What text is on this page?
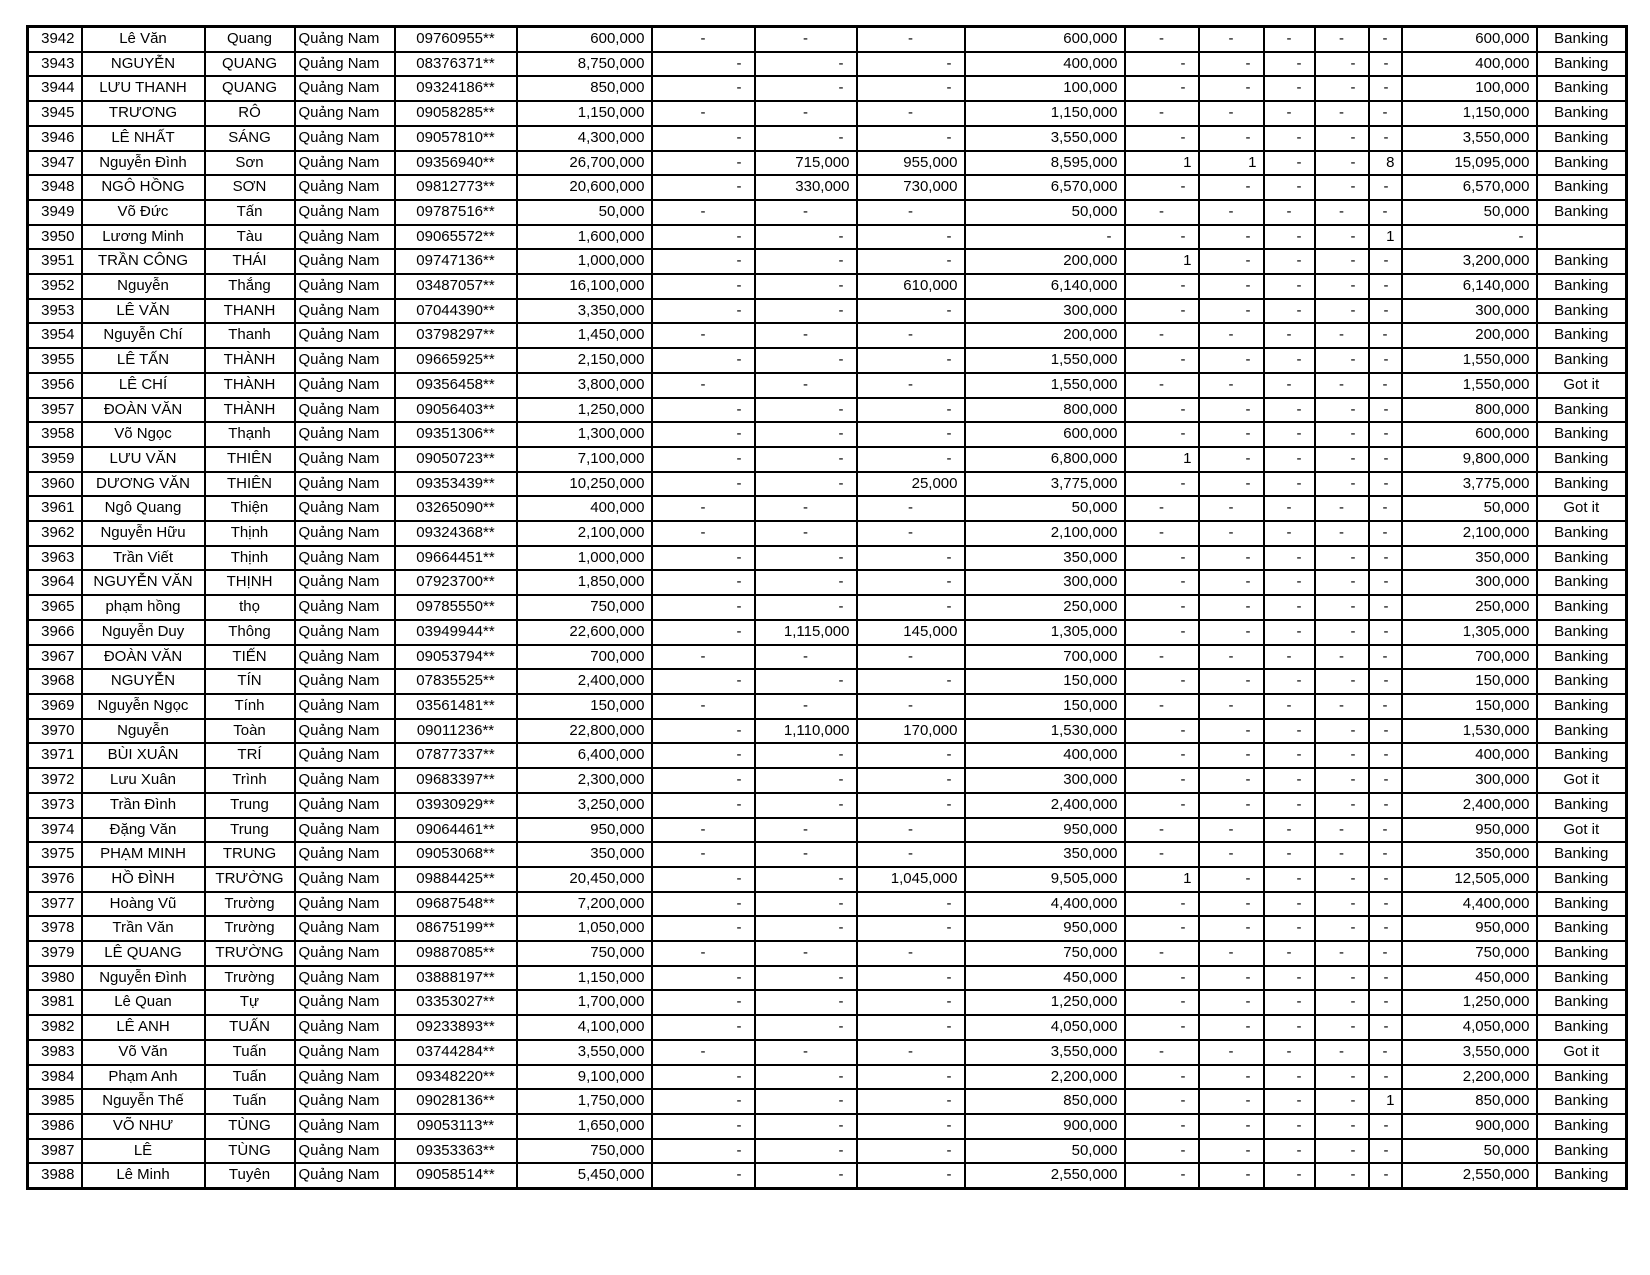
3942	Lê Văn	Quang	Quảng Nam	09760955**	600,000	-	-	-	600,000	-	-	-	-	-	600,000	Banking
3943	NGUYỄN	QUANG	Quảng Nam	08376371**	8,750,000	-	-	-	400,000	-	-	-	-	-	400,000	Banking
3944	LƯU THANH	QUANG	Quảng Nam	09324186**	850,000	-	-	-	100,000	-	-	-	-	-	100,000	Banking
3945	TRƯƠNG	RÔ	Quảng Nam	09058285**	1,150,000	-	-	-	1,150,000	-	-	-	-	-	1,150,000	Banking
3946	LÊ NHẤT	SÁNG	Quảng Nam	09057810**	4,300,000	-	-	-	3,550,000	-	-	-	-	-	3,550,000	Banking
3947	Nguyễn Đình	Sơn	Quảng Nam	09356940**	26,700,000	-	715,000	955,000	8,595,000	1	1	-	-	8	15,095,000	Banking
3948	NGÔ HỒNG	SƠN	Quảng Nam	09812773**	20,600,000	-	330,000	730,000	6,570,000	-	-	-	-	-	6,570,000	Banking
3949	Võ Đức	Tấn	Quảng Nam	09787516**	50,000	-	-	-	50,000	-	-	-	-	-	50,000	Banking
3950	Lương Minh	Tàu	Quảng Nam	09065572**	1,600,000	-	-	-	-	-	-	-	-	1	-	
3951	TRẦN CÔNG	THÁI	Quảng Nam	09747136**	1,000,000	-	-	-	200,000	1	-	-	-	-	3,200,000	Banking
3952	Nguyễn	Thắng	Quảng Nam	03487057**	16,100,000	-	-	610,000	6,140,000	-	-	-	-	-	6,140,000	Banking
3953	LÊ VĂN	THANH	Quảng Nam	07044390**	3,350,000	-	-	-	300,000	-	-	-	-	-	300,000	Banking
3954	Nguyễn Chí	Thanh	Quảng Nam	03798297**	1,450,000	-	-	-	200,000	-	-	-	-	-	200,000	Banking
3955	LÊ TẤN	THÀNH	Quảng Nam	09665925**	2,150,000	-	-	-	1,550,000	-	-	-	-	-	1,550,000	Banking
3956	LÊ CHÍ	THÀNH	Quảng Nam	09356458**	3,800,000	-	-	-	1,550,000	-	-	-	-	-	1,550,000	Got it
3957	ĐOÀN VĂN	THÀNH	Quảng Nam	09056403**	1,250,000	-	-	-	800,000	-	-	-	-	-	800,000	Banking
3958	Võ Ngọc	Thạnh	Quảng Nam	09351306**	1,300,000	-	-	-	600,000	-	-	-	-	-	600,000	Banking
3959	LƯU VĂN	THIÊN	Quảng Nam	09050723**	7,100,000	-	-	-	6,800,000	1	-	-	-	-	9,800,000	Banking
3960	DƯƠNG VĂN	THIÊN	Quảng Nam	09353439**	10,250,000	-	-	25,000	3,775,000	-	-	-	-	-	3,775,000	Banking
3961	Ngô Quang	Thiện	Quảng Nam	03265090**	400,000	-	-	-	50,000	-	-	-	-	-	50,000	Got it
3962	Nguyễn Hữu	Thịnh	Quảng Nam	09324368**	2,100,000	-	-	-	2,100,000	-	-	-	-	-	2,100,000	Banking
3963	Trần Viết	Thịnh	Quảng Nam	09664451**	1,000,000	-	-	-	350,000	-	-	-	-	-	350,000	Banking
3964	NGUYỄN VĂN	THỊNH	Quảng Nam	07923700**	1,850,000	-	-	-	300,000	-	-	-	-	-	300,000	Banking
3965	phạm hồng	thọ	Quảng Nam	09785550**	750,000	-	-	-	250,000	-	-	-	-	-	250,000	Banking
3966	Nguyễn Duy	Thông	Quảng Nam	03949944**	22,600,000	-	1,115,000	145,000	1,305,000	-	-	-	-	-	1,305,000	Banking
3967	ĐOÀN VĂN	TIẾN	Quảng Nam	09053794**	700,000	-	-	-	700,000	-	-	-	-	-	700,000	Banking
3968	NGUYỄN	TÍN	Quảng Nam	07835525**	2,400,000	-	-	-	150,000	-	-	-	-	-	150,000	Banking
3969	Nguyễn Ngọc	Tính	Quảng Nam	03561481**	150,000	-	-	-	150,000	-	-	-	-	-	150,000	Banking
3970	Nguyễn	Toàn	Quảng Nam	09011236**	22,800,000	-	1,110,000	170,000	1,530,000	-	-	-	-	-	1,530,000	Banking
3971	BÙI XUÂN	TRÍ	Quảng Nam	07877337**	6,400,000	-	-	-	400,000	-	-	-	-	-	400,000	Banking
3972	Lưu Xuân	Trình	Quảng Nam	09683397**	2,300,000	-	-	-	300,000	-	-	-	-	-	300,000	Got it
3973	Trần Đình	Trung	Quảng Nam	03930929**	3,250,000	-	-	-	2,400,000	-	-	-	-	-	2,400,000	Banking
3974	Đặng Văn	Trung	Quảng Nam	09064461**	950,000	-	-	-	950,000	-	-	-	-	-	950,000	Got it
3975	PHẠM MINH	TRUNG	Quảng Nam	09053068**	350,000	-	-	-	350,000	-	-	-	-	-	350,000	Banking
3976	HỒ ĐÌNH	TRƯỜNG	Quảng Nam	09884425**	20,450,000	-	-	1,045,000	9,505,000	1	-	-	-	-	12,505,000	Banking
3977	Hoàng Vũ	Trường	Quảng Nam	09687548**	7,200,000	-	-	-	4,400,000	-	-	-	-	-	4,400,000	Banking
3978	Trần Văn	Trường	Quảng Nam	08675199**	1,050,000	-	-	-	950,000	-	-	-	-	-	950,000	Banking
3979	LÊ QUANG	TRƯỜNG	Quảng Nam	09887085**	750,000	-	-	-	750,000	-	-	-	-	-	750,000	Banking
3980	Nguyễn Đình	Trường	Quảng Nam	03888197**	1,150,000	-	-	-	450,000	-	-	-	-	-	450,000	Banking
3981	Lê Quan	Tự	Quảng Nam	03353027**	1,700,000	-	-	-	1,250,000	-	-	-	-	-	1,250,000	Banking
3982	LÊ ANH	TUẤN	Quảng Nam	09233893**	4,100,000	-	-	-	4,050,000	-	-	-	-	-	4,050,000	Banking
3983	Võ Văn	Tuấn	Quảng Nam	03744284**	3,550,000	-	-	-	3,550,000	-	-	-	-	-	3,550,000	Got it
3984	Phạm Anh	Tuấn	Quảng Nam	09348220**	9,100,000	-	-	-	2,200,000	-	-	-	-	-	2,200,000	Banking
3985	Nguyễn Thế	Tuấn	Quảng Nam	09028136**	1,750,000	-	-	-	850,000	-	-	-	-	1	850,000	Banking
3986	VÕ NHƯ	TÙNG	Quảng Nam	09053113**	1,650,000	-	-	-	900,000	-	-	-	-	-	900,000	Banking
3987	LÊ	TÙNG	Quảng Nam	09353363**	750,000	-	-	-	50,000	-	-	-	-	-	50,000	Banking
3988	Lê Minh	Tuyên	Quảng Nam	09058514**	5,450,000	-	-	-	2,550,000	-	-	-	-	-	2,550,000	Banking
